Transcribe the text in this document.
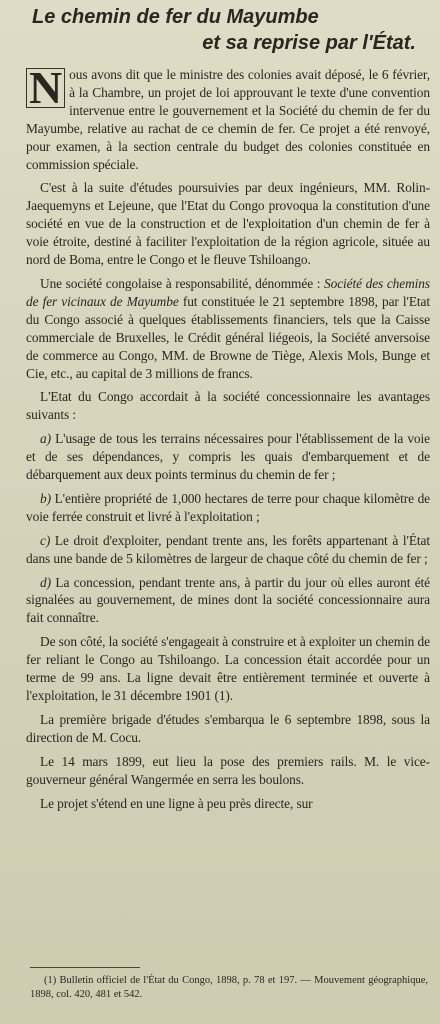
Le chemin de fer du Mayumbe
et sa reprise par l'État.

N ous avons dit que le ministre des colonies avait déposé, le 6 février, à la Chambre, un projet de loi approuvant le texte d'une convention intervenue entre le gouvernement et la Société du chemin de fer du Mayumbe, relative au rachat de ce chemin de fer. Ce projet a été renvoyé, pour examen, à la section centrale du budget des colonies constituée en commission spéciale.

C'est à la suite d'études poursuivies par deux ingénieurs, MM. Rolin-Jaequemyns et Lejeune, que l'Etat du Congo provoqua la constitution d'une société en vue de la construction et de l'exploitation d'un chemin de fer à voie étroite, destiné à faciliter l'exploitation de la région agricole, située au nord de Boma, entre le Congo et le fleuve Tshiloango.

Une société congolaise à responsabilité, dénommée : Société des chemins de fer vicinaux de Mayumbe fut constituée le 21 septembre 1898, par l'Etat du Congo associé à quelques établissements financiers, tels que la Caisse commerciale de Bruxelles, le Crédit général liégeois, la Société anversoise de commerce au Congo, MM. de Browne de Tiège, Alexis Mols, Bunge et Cie, etc., au capital de 3 millions de francs.

L'Etat du Congo accordait à la société concessionnaire les avantages suivants :

a) L'usage de tous les terrains nécessaires pour l'établissement de la voie et de ses dépendances, y compris les quais d'embarquement et de débarquement aux deux points terminus du chemin de fer ;

b) L'entière propriété de 1,000 hectares de terre pour chaque kilomètre de voie ferrée construit et livré à l'exploitation ;

c) Le droit d'exploiter, pendant trente ans, les forêts appartenant à l'État dans une bande de 5 kilomètres de largeur de chaque côté du chemin de fer ;

d) La concession, pendant trente ans, à partir du jour où elles auront été signalées au gouvernement, de mines dont la société concessionnaire aura fait connaître.

De son côté, la société s'engageait à construire et à exploiter un chemin de fer reliant le Congo au Tshiloango. La concession était accordée pour un terme de 99 ans. La ligne devait être entièrement terminée et ouverte à l'exploitation, le 31 décembre 1901 (1).

La première brigade d'études s'embarqua le 6 septembre 1898, sous la direction de M. Cocu.

Le 14 mars 1899, eut lieu la pose des premiers rails. M. le vice-gouverneur général Wangermée en serra les boulons.

Le projet s'étend en une ligne à peu près directe, sur

(1) Bulletin officiel de l'État du Congo, 1898, p. 78 et 197. — Mouvement géographique, 1898, col. 420, 481 et 542.
